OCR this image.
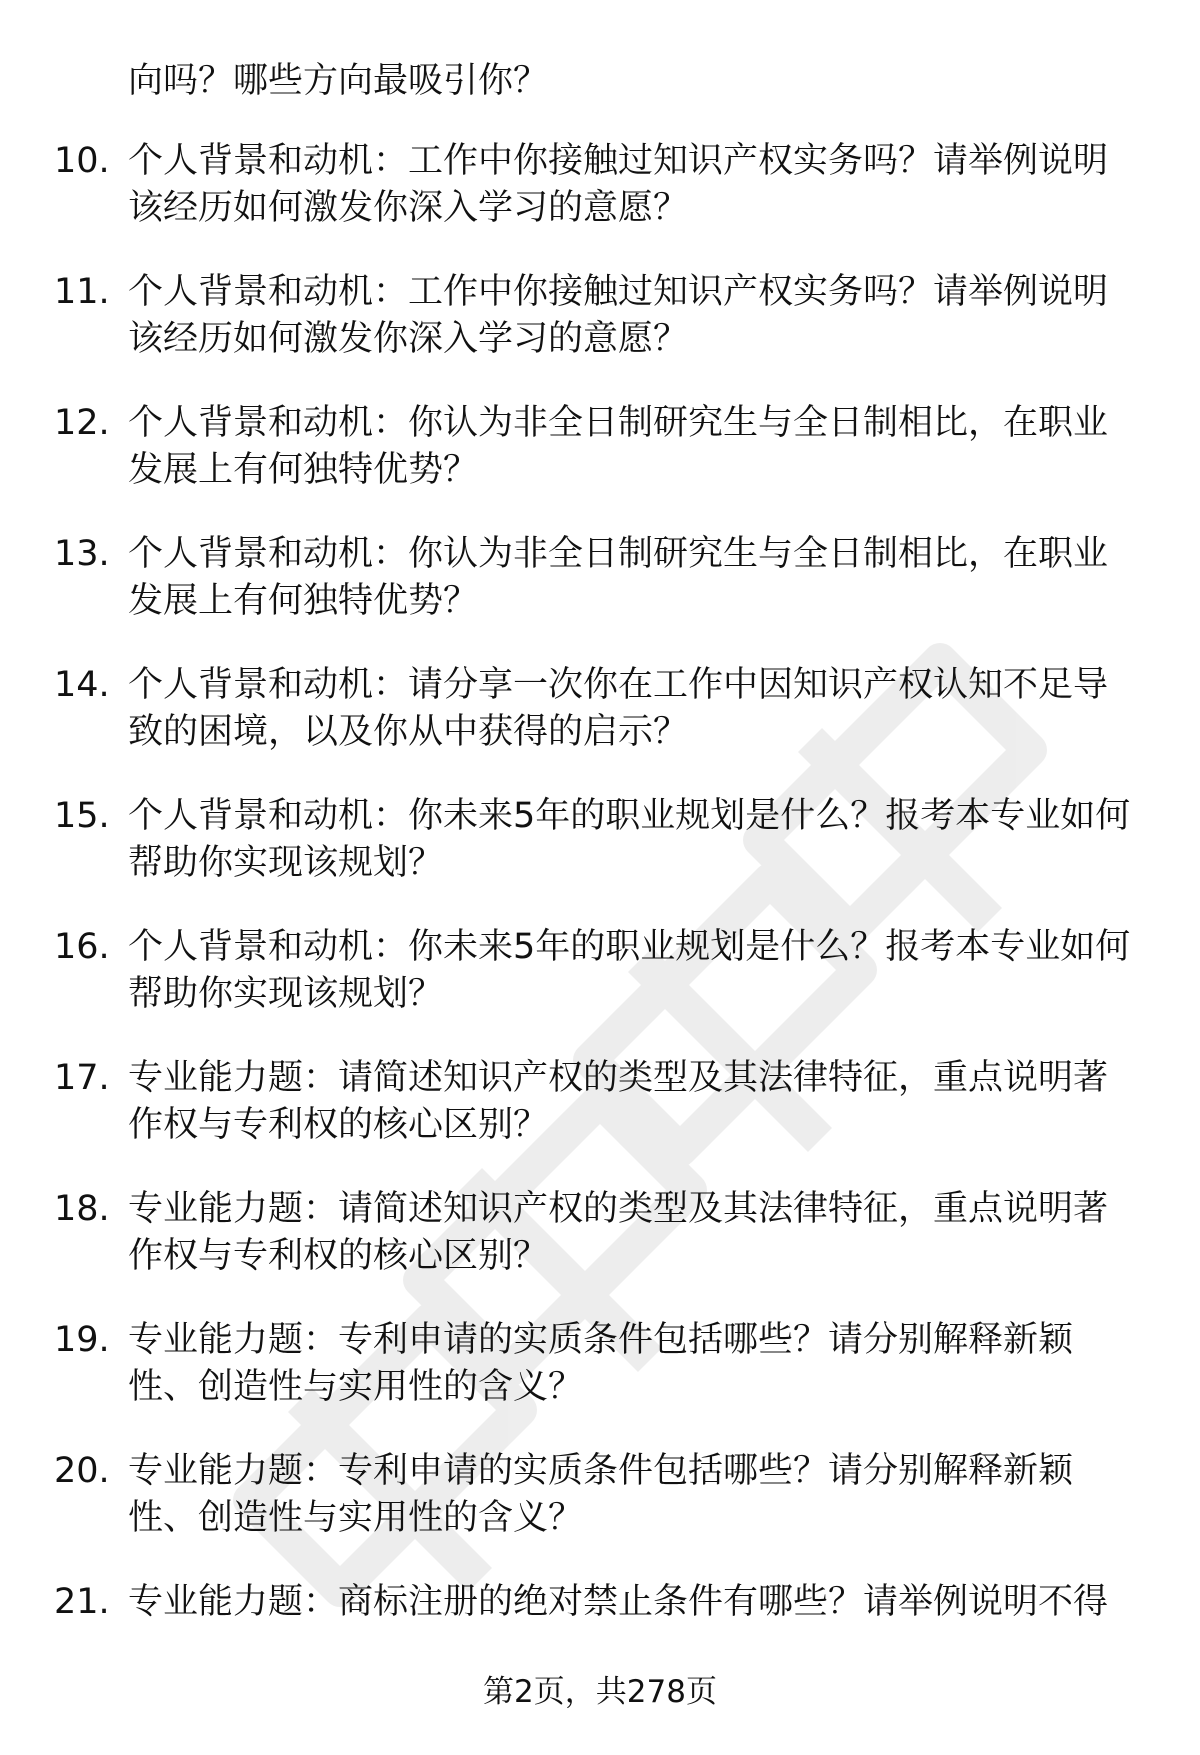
向吗？哪些方向最吸引你？
10. 个人背景和动机：工作中你接触过知识产权实务吗？请举例说明
该经历如何激发你深入学习的意愿？
11. 个人背景和动机：工作中你接触过知识产权实务吗？请举例说明
该经历如何激发你深入学习的意愿？
12. 个人背景和动机：你认为非全日制研究生与全日制相比，在职业
发展上有何独特优势？
13. 个人背景和动机：你认为非全日制研究生与全日制相比，在职业
发展上有何独特优势？
14. 个人背景和动机：请分享一次你在工作中因知识产权认知不足导
致的困境，以及你从中获得的启示？
15. 个人背景和动机：你未来5年的职业规划是什么？报考本专业如何
帮助你实现该规划？
16. 个人背景和动机：你未来5年的职业规划是什么？报考本专业如何
帮助你实现该规划？
17. 专业能力题：请简述知识产权的类型及其法律特征，重点说明著
作权与专利权的核心区别？
18. 专业能力题：请简述知识产权的类型及其法律特征，重点说明著
作权与专利权的核心区别？
19. 专业能力题：专利申请的实质条件包括哪些？请分别解释新颖
性、创造性与实用性的含义？
20. 专业能力题：专利申请的实质条件包括哪些？请分别解释新颖
性、创造性与实用性的含义？
21. 专业能力题：商标注册的绝对禁止条件有哪些？请举例说明不得
第2页，共278页
